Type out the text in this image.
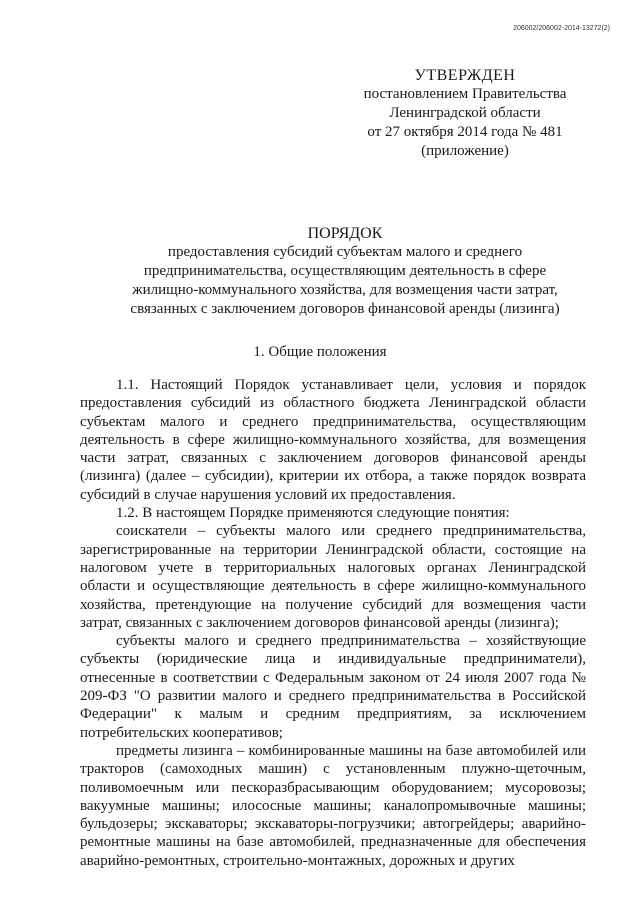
206002/206002-2014-13272(2)
УТВЕРЖДЕН
постановлением Правительства
Ленинградской области
от 27 октября 2014 года № 481
(приложение)
ПОРЯДОК
предоставления субсидий субъектам малого и среднего
предпринимательства, осуществляющим деятельность в сфере
жилищно-коммунального хозяйства, для возмещения части затрат,
связанных с заключением договоров финансовой аренды (лизинга)
1. Общие положения

1.1. Настоящий Порядок устанавливает цели, условия и порядок предоставления субсидий из областного бюджета Ленинградской области субъектам малого и среднего предпринимательства, осуществляющим деятельность в сфере жилищно-коммунального хозяйства, для возмещения части затрат, связанных с заключением договоров финансовой аренды (лизинга) (далее – субсидии), критерии их отбора, а также порядок возврата субсидий в случае нарушения условий их предоставления.

1.2. В настоящем Порядке применяются следующие понятия:

соискатели – субъекты малого или среднего предпринимательства, зарегистрированные на территории Ленинградской области, состоящие на налоговом учете в территориальных налоговых органах Ленинградской области и осуществляющие деятельность в сфере жилищно-коммунального хозяйства, претендующие на получение субсидий для возмещения части затрат, связанных с заключением договоров финансовой аренды (лизинга);

субъекты малого и среднего предпринимательства – хозяйствующие субъекты (юридические лица и индивидуальные предприниматели), отнесенные в соответствии с Федеральным законом от 24 июля 2007 года № 209-ФЗ "О развитии малого и среднего предпринимательства в Российской Федерации" к малым и средним предприятиям, за исключением потребительских кооперативов;

предметы лизинга – комбинированные машины на базе автомобилей или тракторов (самоходных машин) с установленным плужно-щеточным, поливомоечным или пескоразбрасывающим оборудованием; мусоровозы; вакуумные машины; илососные машины; каналопромывочные машины; бульдозеры; экскаваторы; экскаваторы-погрузчики; автогрейдеры; аварийно-ремонтные машины на базе автомобилей, предназначенные для обеспечения аварийно-ремонтных, строительно-монтажных, дорожных и других
